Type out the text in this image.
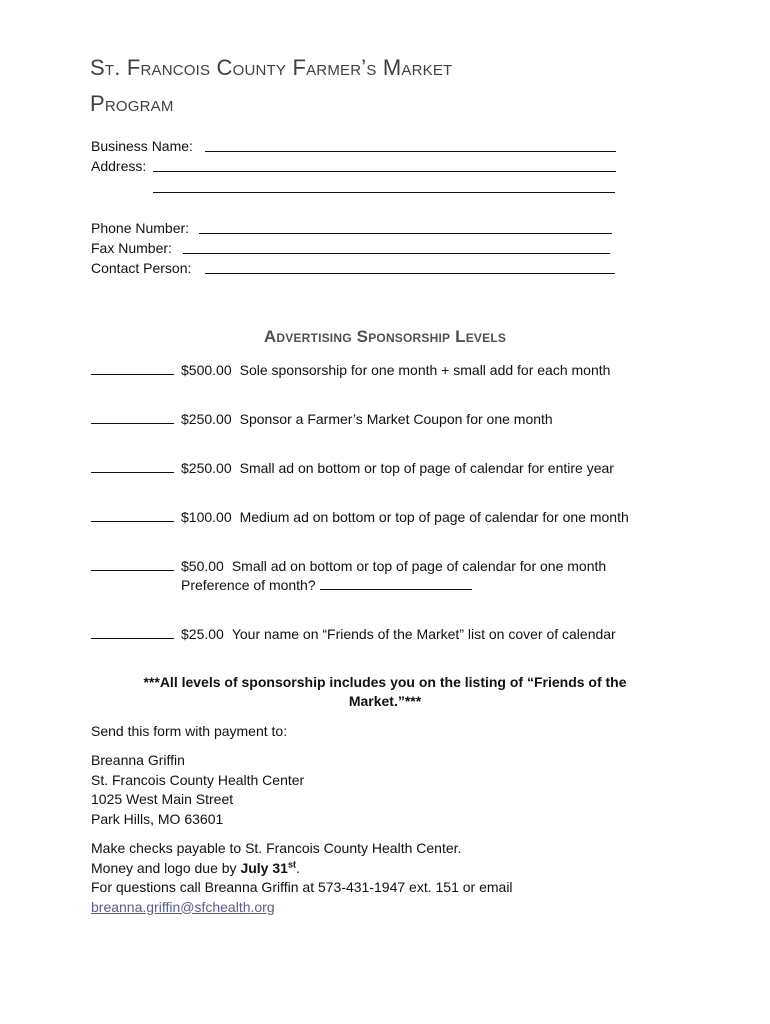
St. Francois County Farmer’s Market
Program
Business Name:
Address:
Phone Number:
Fax Number:
Contact Person:
Advertising Sponsorship Levels
$500.00 Sole sponsorship for one month + small add for each month
$250.00 Sponsor a Farmer’s Market Coupon for one month
$250.00 Small ad on bottom or top of page of calendar for entire year
$100.00 Medium ad on bottom or top of page of calendar for one month
$50.00 Small ad on bottom or top of page of calendar for one month
Preference of month?
$25.00 Your name on “Friends of the Market” list on cover of calendar
***All levels of sponsorship includes you on the listing of “Friends of the Market.”***
Send this form with payment to:
Breanna Griffin
St. Francois County Health Center
1025 West Main Street
Park Hills, MO 63601
Make checks payable to St. Francois County Health Center.
Money and logo due by July 31st.
For questions call Breanna Griffin at 573-431-1947 ext. 151 or email
breanna.griffin@sfchealth.org
